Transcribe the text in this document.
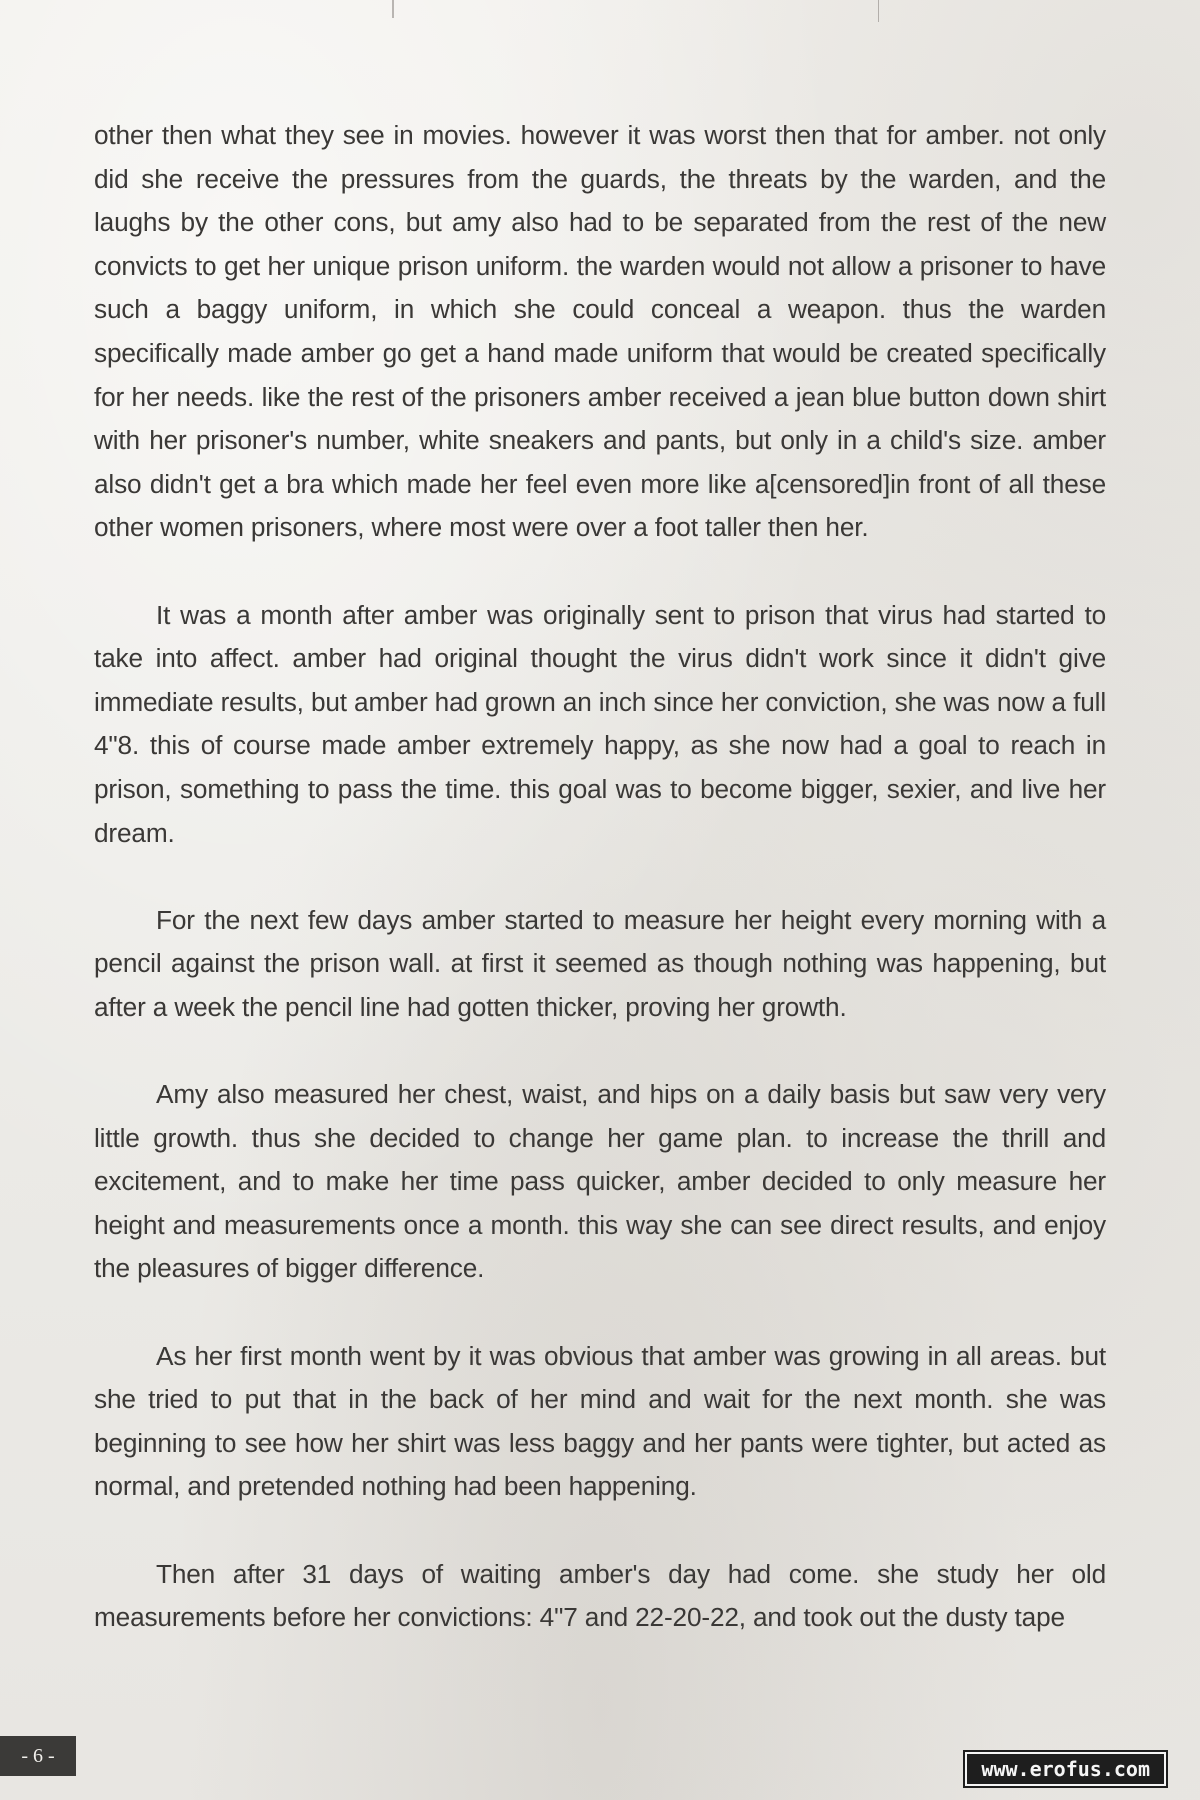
other then what they see in movies. however it was worst then that for amber. not only did she receive the pressures from the guards, the threats by the warden, and the laughs by the other cons, but amy also had to be separated from the rest of the new convicts to get her unique prison uniform. the warden would not allow a prisoner to have such a baggy uniform, in which she could conceal a weapon. thus the warden specifically made amber go get a hand made uniform that would be created specifically for her needs. like the rest of the prisoners amber received a jean blue button down shirt with her prisoner's number, white sneakers and pants, but only in a child's size. amber also didn't get a bra which made her feel even more like a[censored]in front of all these other women prisoners, where most were over a foot taller then her.

It was a month after amber was originally sent to prison that virus had started to take into affect. amber had original thought the virus didn't work since it didn't give immediate results, but amber had grown an inch since her conviction, she was now a full 4"8. this of course made amber extremely happy, as she now had a goal to reach in prison, something to pass the time. this goal was to become bigger, sexier, and live her dream.

For the next few days amber started to measure her height every morning with a pencil against the prison wall. at first it seemed as though nothing was happening, but after a week the pencil line had gotten thicker, proving her growth.

Amy also measured her chest, waist, and hips on a daily basis but saw very very little growth. thus she decided to change her game plan. to increase the thrill and excitement, and to make her time pass quicker, amber decided to only measure her height and measurements once a month. this way she can see direct results, and enjoy the pleasures of bigger difference.

As her first month went by it was obvious that amber was growing in all areas. but she tried to put that in the back of her mind and wait for the next month. she was beginning to see how her shirt was less baggy and her pants were tighter, but acted as normal, and pretended nothing had been happening.

Then after 31 days of waiting amber's day had come. she study her old measurements before her convictions: 4"7 and 22-20-22, and took out the dusty tape

- 6 -
www.erofus.com
